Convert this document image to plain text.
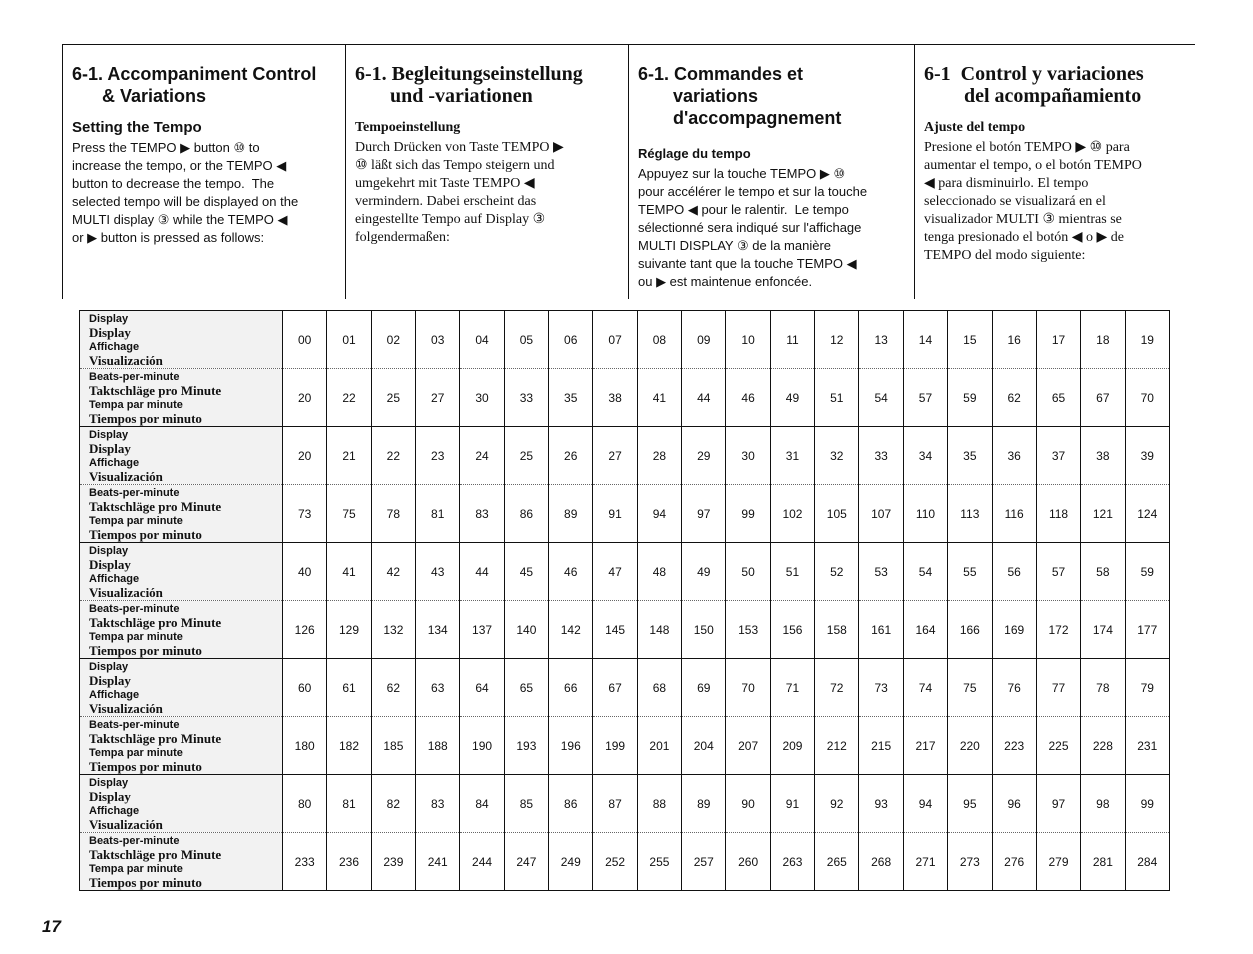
6-1. Accompaniment Control
& Variations
Setting the Tempo

Press the TEMPO ▶ button ⑩ to
increase the tempo, or the TEMPO ◀
button to decrease the tempo.  The
selected tempo will be displayed on the
MULTI display ③ while the TEMPO ◀
or ▶ button is pressed as follows:

6-1. Begleitungseinstellung
und -variationen
Tempoeinstellung

Durch Drücken von Taste TEMPO ▶
⑩ läßt sich das Tempo steigern und
umgekehrt mit Taste TEMPO ◀
vermindern. Dabei erscheint das
eingestellte Tempo auf Display ③
folgendermaßen:

6-1. Commandes et
variations
d'accompagnement
Réglage du tempo

Appuyez sur la touche TEMPO ▶ ⑩
pour accélérer le tempo et sur la touche
TEMPO ◀ pour le ralentir.  Le tempo
sélectionné sera indiqué sur l'affichage
MULTI DISPLAY ③ de la manière
suivante tant que la touche TEMPO ◀
ou ▶ est maintenue enfoncée.

6-1  Control y variaciones
del acompañamiento
Ajuste del tempo

Presione el botón TEMPO ▶ ⑩ para
aumentar el tempo, o el botón TEMPO
◀ para disminuirlo. El tempo
seleccionado se visualizará en el
visualizador MULTI ③ mientras se
tenga presionado el botón ◀ o ▶ de
TEMPO del modo siguiente:

Display
Display
Affichage
Visualización	00	01	02	03	04	05	06	07	08	09	10	11	12	13	14	15	16	17	18	19

Beats-per-minute
Taktschläge pro Minute
Tempa par minute
Tiempos por minuto	20	22	25	27	30	33	35	38	41	44	46	49	51	54	57	59	62	65	67	70

Display
Display
Affichage
Visualización	20	21	22	23	24	25	26	27	28	29	30	31	32	33	34	35	36	37	38	39

Beats-per-minute
Taktschläge pro Minute
Tempa par minute
Tiempos por minuto	73	75	78	81	83	86	89	91	94	97	99	102	105	107	110	113	116	118	121	124

Display
Display
Affichage
Visualización	40	41	42	43	44	45	46	47	48	49	50	51	52	53	54	55	56	57	58	59

Beats-per-minute
Taktschläge pro Minute
Tempa par minute
Tiempos por minuto	126	129	132	134	137	140	142	145	148	150	153	156	158	161	164	166	169	172	174	177

Display
Display
Affichage
Visualización	60	61	62	63	64	65	66	67	68	69	70	71	72	73	74	75	76	77	78	79

Beats-per-minute
Taktschläge pro Minute
Tempa par minute
Tiempos por minuto	180	182	185	188	190	193	196	199	201	204	207	209	212	215	217	220	223	225	228	231

Display
Display
Affichage
Visualización	80	81	82	83	84	85	86	87	88	89	90	91	92	93	94	95	96	97	98	99

Beats-per-minute
Taktschläge pro Minute
Tempa par minute
Tiempos por minuto	233	236	239	241	244	247	249	252	255	257	260	263	265	268	271	273	276	279	281	284
17
